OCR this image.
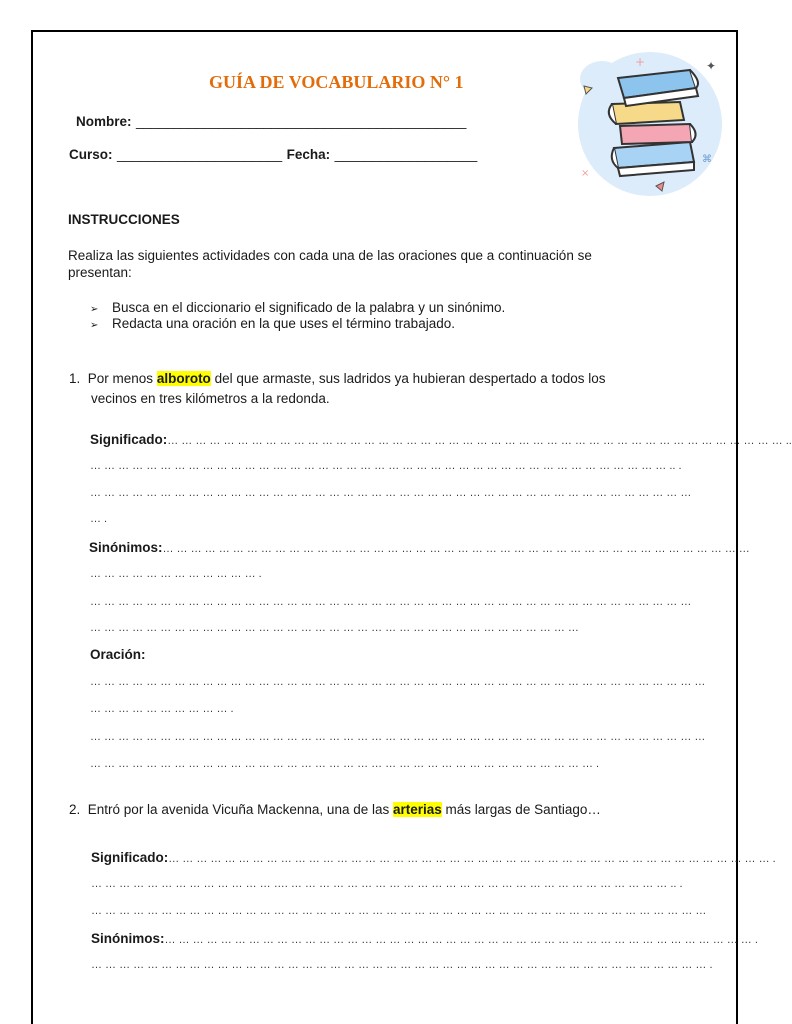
GUÍA DE VOCABULARIO N° 1
Nombre: ____________________________________________
Curso: ______________________ Fecha: ___________________
+	✦
×
⌘
INSTRUCCIONES
Realiza las siguientes actividades con cada una de las oraciones que a continuación se
presentan:
➢ Busca en el diccionario el significado de la palabra y un sinónimo.
➢ Redacta una oración en la que uses el término trabajado.
1. Por menos alboroto del que armaste, sus ladridos ya hubieran despertado a todos los
vecinos en tres kilómetros a la redonda.
Significado:… … … … … … … … … … … … … … … … … … … … … … … … … … … … … … … … … … … … … … … … … … … … ..
… … … … … … … … … … … … … …. … … … … … … … … … … … … … … … … … … … … … … … … … … … .. .
… … … … … … … … … … … … … … … … … … … … … … … … … … … … … … … … … … … … … … … … … … …
… .
Sinónimos:… … … … … … … … … … … … … … … … … … … … … … … … … … … … … … … … … … … … … … … … … …
… … … … … … … … … … … … .
… … … … … … … … … … … … … … … … … … … … … … … … … … … … … … … … … … … … … … … … … … …
… … … … … … … … … … … … … … … … … … … … … … … … … … … … … … … … … … …
Oración:
… … … … … … … … … … … … … … … … … … … … … … … … … … … … … … … … … … … … … … … … … … … …
… … … … … … … … … … .
… … … … … … … … … … … … … … … … … … … … … … … … … … … … … … … … … … … … … … … … … … … …
… … … … … … … … … … … … … … … … … … … … … … … … … … … … … … … … … … … … .
2. Entró por la avenida Vicuña Mackenna, una de las arterias más largas de Santiago…
Significado:… … … … … … … … … … … … … … … … … … … … … … … … … … … … … … … … … … … … … … … … … … … .
… … … … … … … … … … … … … …. … … … … … … … … … … … … … … … … … … … … … … … … … … … .. .
… … … … … … … … … … … … … … … … … … … … … … … … … … … … … … … … … … … … … … … … … … … …
Sinónimos:… … … … … … … … … … … … … … … … … … … … … … … … … … … … … … … … … … … … … … … … … … .
… … … … … … … … … … … … … … … … … … … … … … … … … … … … … … … … … … … … … … … … … … … … .
